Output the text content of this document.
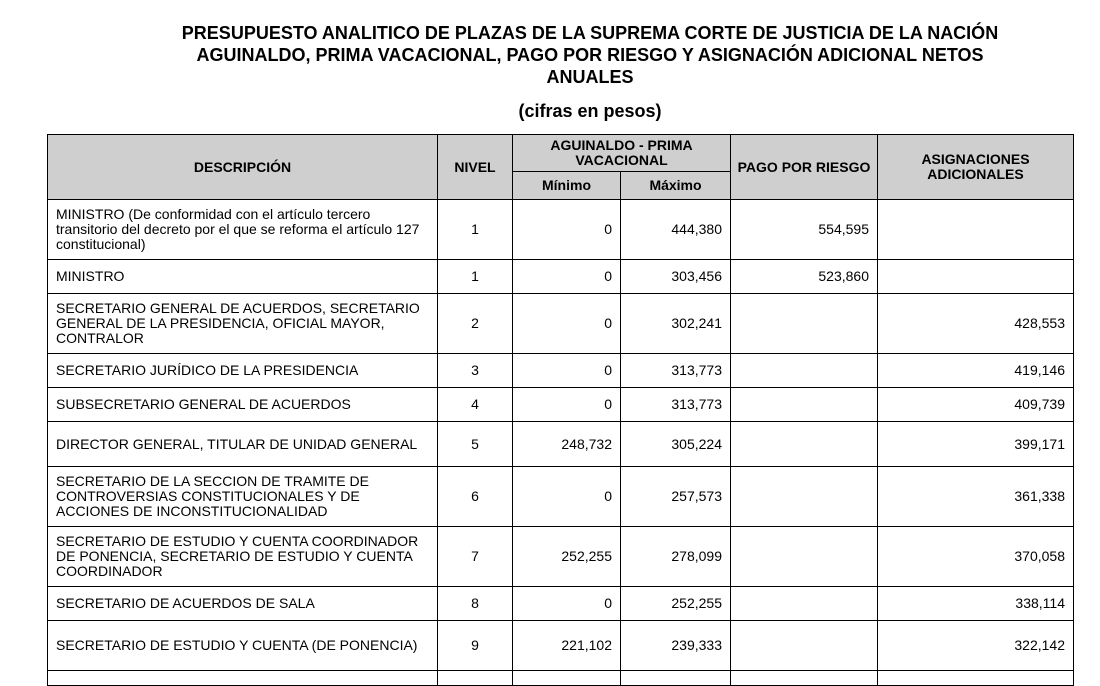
PRESUPUESTO ANALITICO DE PLAZAS DE LA SUPREMA CORTE DE JUSTICIA DE LA NACIÓN
AGUINALDO, PRIMA VACACIONAL, PAGO POR RIESGO Y ASIGNACIÓN ADICIONAL NETOS
ANUALES
(cifras en pesos)
DESCRIPCIÓN	NIVEL	AGUINALDO - PRIMA VACACIONAL		PAGO POR RIESGO	ASIGNACIONES ADICIONALES
		Mínimo	Máximo		
MINISTRO (De conformidad con el artículo tercero transitorio del decreto por el que se reforma el artículo 127 constitucional)	1	0	444,380	554,595	
MINISTRO	1	0	303,456	523,860	
SECRETARIO GENERAL DE ACUERDOS, SECRETARIO GENERAL DE LA PRESIDENCIA, OFICIAL MAYOR, CONTRALOR	2	0	302,241		428,553
SECRETARIO JURÍDICO DE LA PRESIDENCIA	3	0	313,773		419,146
SUBSECRETARIO GENERAL DE ACUERDOS	4	0	313,773		409,739
DIRECTOR GENERAL, TITULAR DE UNIDAD GENERAL	5	248,732	305,224		399,171
SECRETARIO DE LA SECCION DE TRAMITE DE CONTROVERSIAS CONSTITUCIONALES Y DE ACCIONES DE INCONSTITUCIONALIDAD	6	0	257,573		361,338
SECRETARIO DE ESTUDIO Y CUENTA COORDINADOR DE PONENCIA, SECRETARIO DE ESTUDIO Y CUENTA COORDINADOR	7	252,255	278,099		370,058
SECRETARIO DE ACUERDOS DE SALA	8	0	252,255		338,114
SECRETARIO DE ESTUDIO Y CUENTA (DE PONENCIA)	9	221,102	239,333		322,142
